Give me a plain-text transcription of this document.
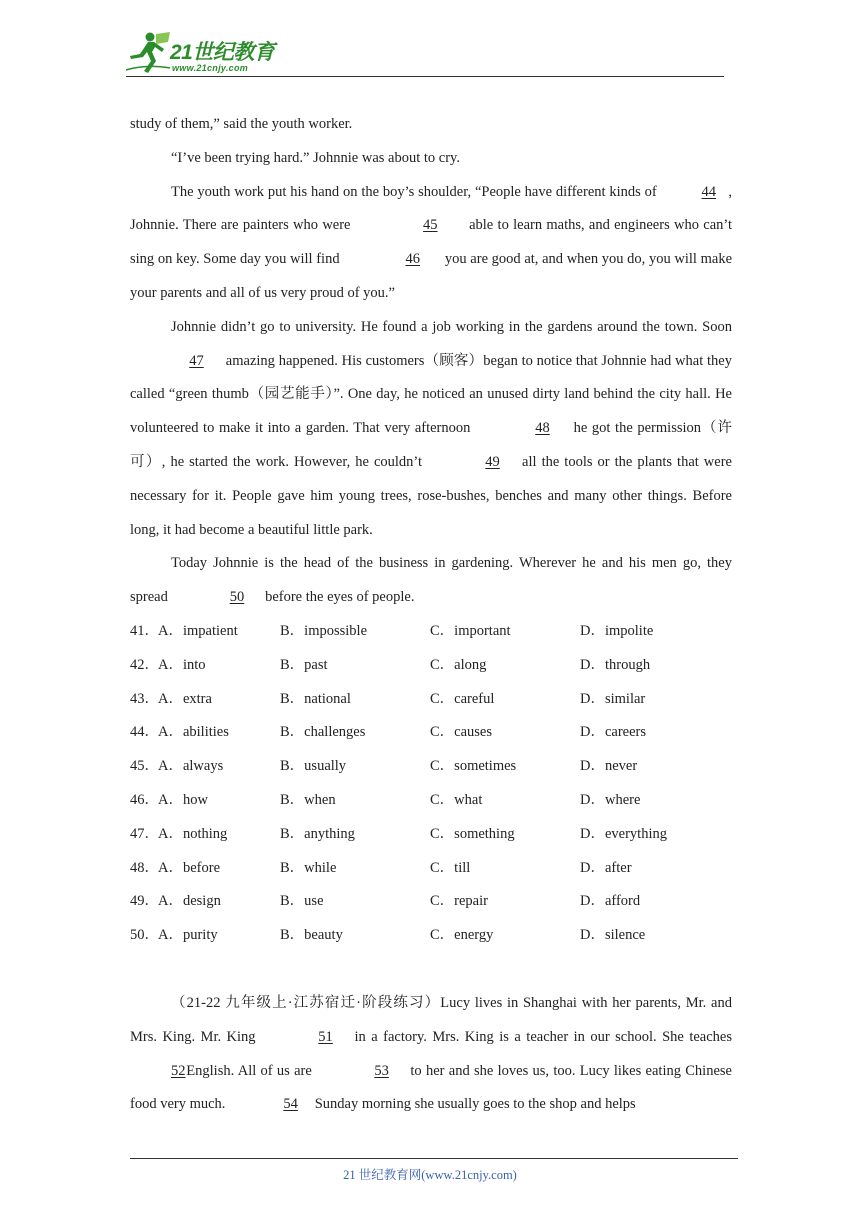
21世纪教育
www.21cnjy.com

study of them,” said the youth worker.

“I’ve been trying hard.” Johnnie was about to cry.

The youth work put his hand on the boy’s shoulder, “People have different kinds of	44 , Johnnie. There are painters who were	45 able to learn maths, and engineers who can’t sing on key. Some day you will find	46 you are good at, and when you do, you will make your parents and all of us very proud of you.”

Johnnie didn’t go to university. He found a job working in the gardens around the town. Soon 47 amazing happened. His customers（顾客）began to notice that Johnnie had what they called “green thumb（园艺能手）”. One day, he noticed an unused dirty land behind the city hall. He volunteered to make it into a garden. That very afternoon	48 he got the permission（许可）, he started the work. However, he couldn’t	49 all the tools or the plants that were necessary for it. People gave him young trees, rose-bushes, benches and many other things. Before long, it had become a beautiful little park.

Today Johnnie is the head of the business in gardening. Wherever he and his men go, they spread	50 before the eyes of people.

41． A．impatient	B．impossible	C．important	D．impolite
42． A．into	B．past	C．along	D．through
43． A．extra	B．national	C．careful	D．similar
44． A．abilities	B．challenges	C．causes	D．careers
45． A．always	B．usually	C．sometimes	D．never
46． A．how	B．when	C．what	D．where
47． A．nothing	B．anything	C．something	D．everything
48． A．before	B．while	C．till	D．after
49． A．design	B．use	C．repair	D．afford
50． A．purity	B．beauty	C．energy	D．silence

（21-22 九年级上·江苏宿迁·阶段练习）Lucy lives in Shanghai with her parents, Mr. and Mrs. King. Mr. King	51 in a factory. Mrs. King is a teacher in our school. She teaches 52 English. All of us are	53 to her and she loves us, too. Lucy likes eating Chinese food very much.	54 Sunday morning she usually goes to the shop and helps

21 世纪教育网(www.21cnjy.com)
